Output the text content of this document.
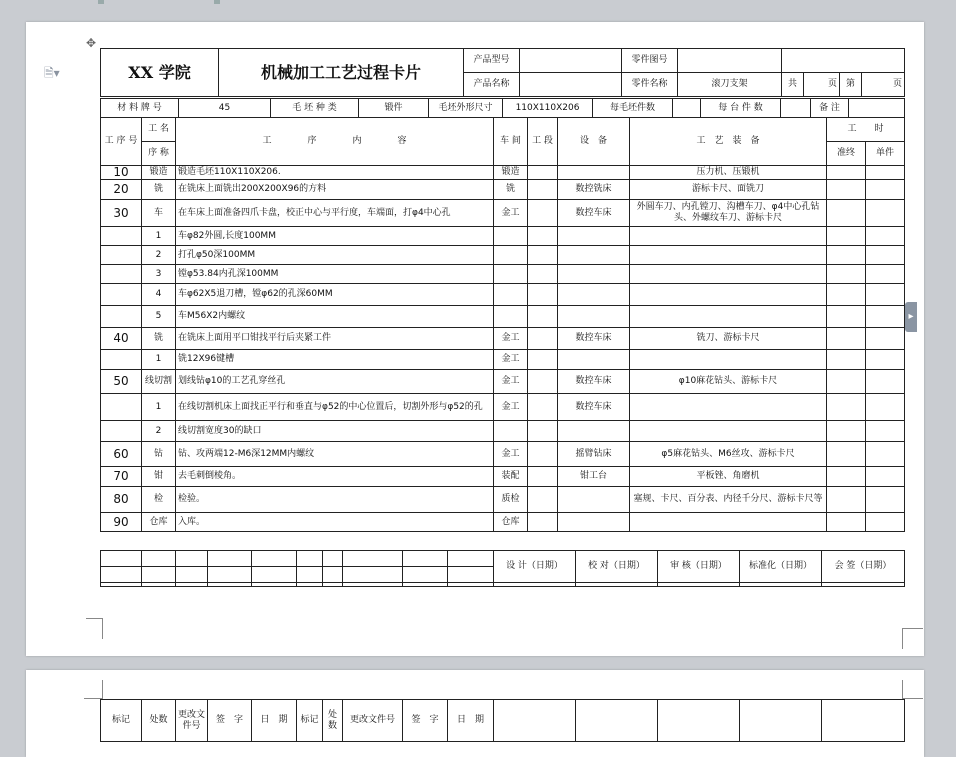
🗎▾
✥
▸
XX 学院	机械加工工艺过程卡片	产品型号		零件图号					
		产品名称		零件名称	滚刀支架	共	页	第	页
材 料 牌 号	45	毛 坯 种 类	锻件	毛坯外形尺寸	110X110X206	每毛坯件数		每 台 件 数		备 注	
工 序 号	工 名	工　　　　序　　　　内　　　　容	车 间	工 段	设　备	工　艺　装　备	工　　时	
	序 称						准终	单件
10	锻造	锻造毛坯110X110X206.	锻造			压力机、压锻机		
20	铣	在铣床上面铣出200X200X96的方料	铣		数控铣床	游标卡尺、面铣刀		
30	车	在车床上面准备四爪卡盘，校正中心与平行度，车端面，打φ4中心孔	金工		数控车床	外圆车刀、内孔镗刀、沟槽车刀、φ4中心孔钻头、外螺纹车刀、游标卡尺		
	1	车φ82外圆,长度100MM						
	2	打孔φ50深100MM						
	3	镗φ53.84内孔深100MM						
	4	车φ62X5退刀槽，镗φ62的孔深60MM						
	5	车M56X2内螺纹						
40	铣	在铣床上面用平口钳找平行后夹紧工件	金工		数控车床	铣刀、游标卡尺		
	1	铣12X96键槽	金工					
50	线切割	划线钻φ10的工艺孔穿丝孔	金工		数控车床	φ10麻花钻头、游标卡尺		
	1	在线切割机床上面找正平行和垂直与φ52的中心位置后，切割外形与φ52的孔	金工		数控车床			
	2	线切割宽度30的缺口						
60	钻	钻、攻两端12-M6深12MM内螺纹	金工		摇臂钻床	φ5麻花钻头、M6丝攻、游标卡尺		
70	钳	去毛刺倒棱角。	装配		钳工台	平板锉、角磨机		
80	检	检验。	质检			塞规、卡尺、百分表、内径千分尺、游标卡尺等		
90	仓库	入库。	仓库					
										设 计（日期）	校 对（日期）	审 核（日期）	标准化（日期）	会 签（日期）

标记	处数	更改文件号	签　字	日　期	标记	处数	更改文件号	签　字	日　期					
